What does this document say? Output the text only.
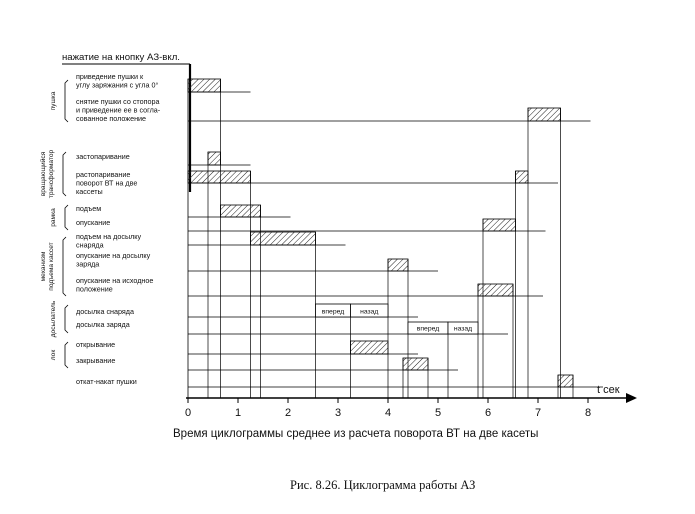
нажатие на кнопку АЗ-вкл.
пушка
вращающийся трансформатор
рамка
механизм подъема кассет
досылатель
лок
приведение пушки к
углу заряжания с угла 0°
снятие пушки со стопора
и приведение ее в согла-
сованное положение
застопаривание
растопаривание
поворот ВТ на две
кассеты
подъем
опускание
подъем на досылку
снаряда
опускание на досылку
заряда
опускание на исходное
положение
досылка снаряда
досылка заряда
открывание
закрывание
откат-накат пушки
вперед назад
вперед назад
0	1	2	3	4	5	6	7	8
t сек
Время циклограммы среднее из расчета поворота ВТ на две касеты
Рис. 8.26. Циклограмма работы АЗ
